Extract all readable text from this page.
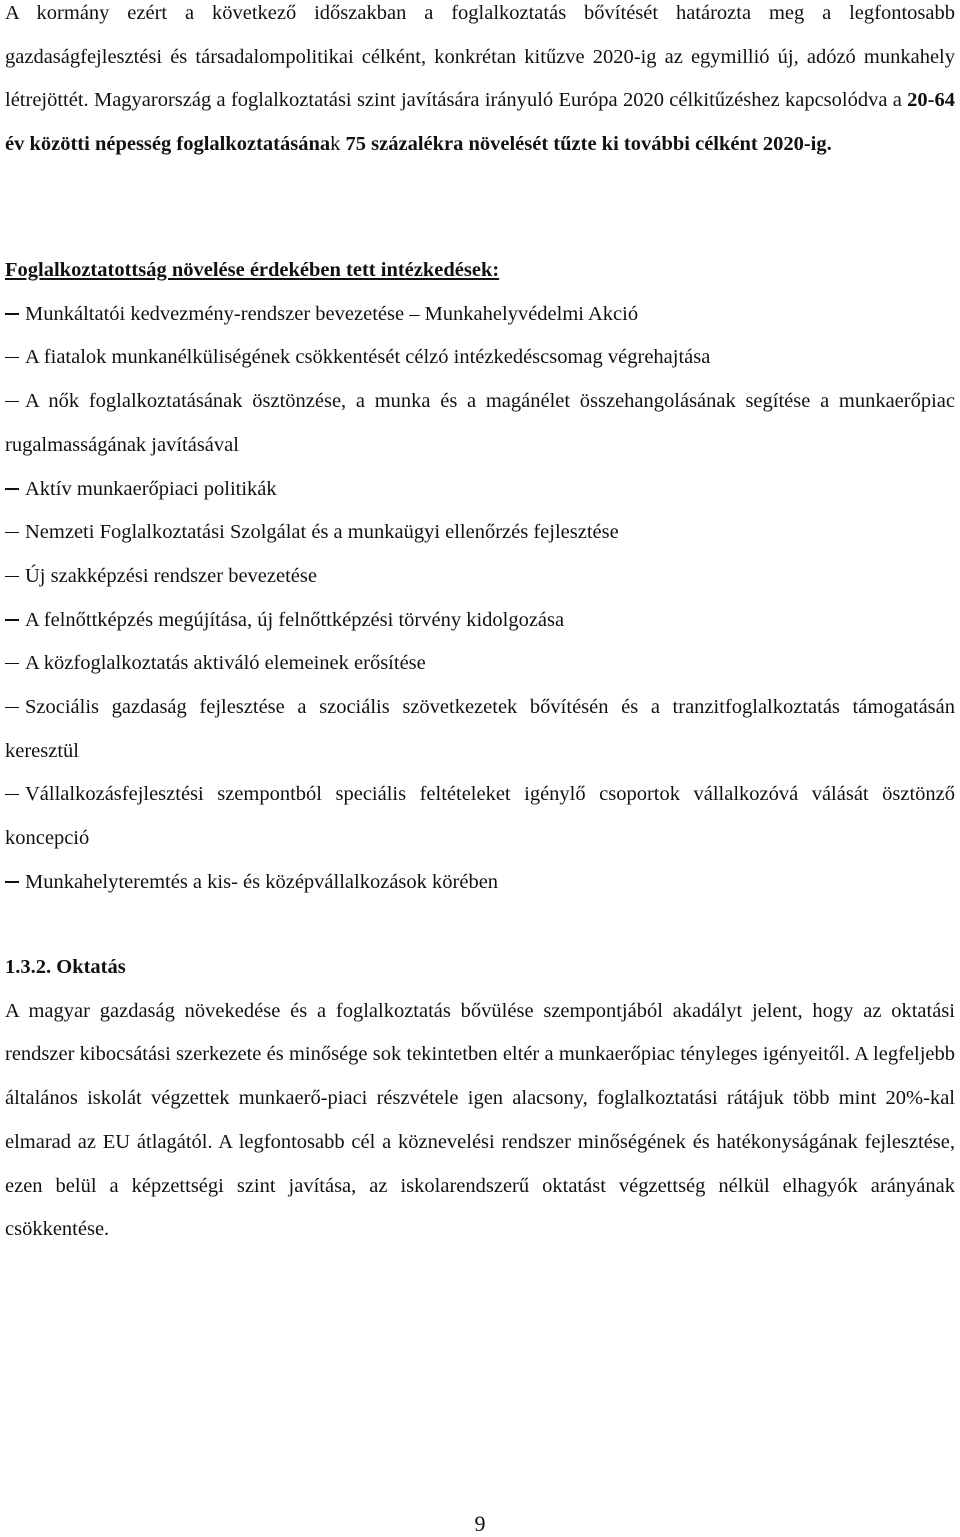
A kormány ezért a következő időszakban a foglalkoztatás bővítését határozta meg a legfontosabb gazdaságfejlesztési és társadalompolitikai célként, konkrétan kitűzve 2020-ig az egymillió új, adózó munkahely létrejöttét. Magyarország a foglalkoztatási szint javítására irányuló Európa 2020 célkitűzéshez kapcsolódva a 20-64 év közötti népesség foglalkoztatásának 75 százalékra növelését tűzte ki további célként 2020-ig.

Foglalkoztatottság növelése érdekében tett intézkedések:

Munkáltatói kedvezmény-rendszer bevezetése – Munkahelyvédelmi Akció

A fiatalok munkanélküliségének csökkentését célzó intézkedéscsomag végrehajtása

A nők foglalkoztatásának ösztönzése, a munka és a magánélet összehangolásának segítése a munkaerőpiac rugalmasságának javításával

Aktív munkaerőpiaci politikák

Nemzeti Foglalkoztatási Szolgálat és a munkaügyi ellenőrzés fejlesztése

Új szakképzési rendszer bevezetése

A felnőttképzés megújítása, új felnőttképzési törvény kidolgozása

A közfoglalkoztatás aktiváló elemeinek erősítése

Szociális gazdaság fejlesztése a szociális szövetkezetek bővítésén és a tranzitfoglalkoztatás támogatásán keresztül

Vállalkozásfejlesztési szempontból speciális feltételeket igénylő csoportok vállalkozóvá válását ösztönző koncepció

Munkahelyteremtés a kis- és középvállalkozások körében

1.3.2. Oktatás

A magyar gazdaság növekedése és a foglalkoztatás bővülése szempontjából akadályt jelent, hogy az oktatási rendszer kibocsátási szerkezete és minősége sok tekintetben eltér a munkaerőpiac tényleges igényeitől. A legfeljebb általános iskolát végzettek munkaerő-piaci részvétele igen alacsony, foglalkoztatási rátájuk több mint 20%-kal elmarad az EU átlagától. A legfontosabb cél a köznevelési rendszer minőségének és hatékonyságának fejlesztése, ezen belül a képzettségi szint javítása, az iskolarendszerű oktatást végzettség nélkül elhagyók arányának csökkentése.

9
